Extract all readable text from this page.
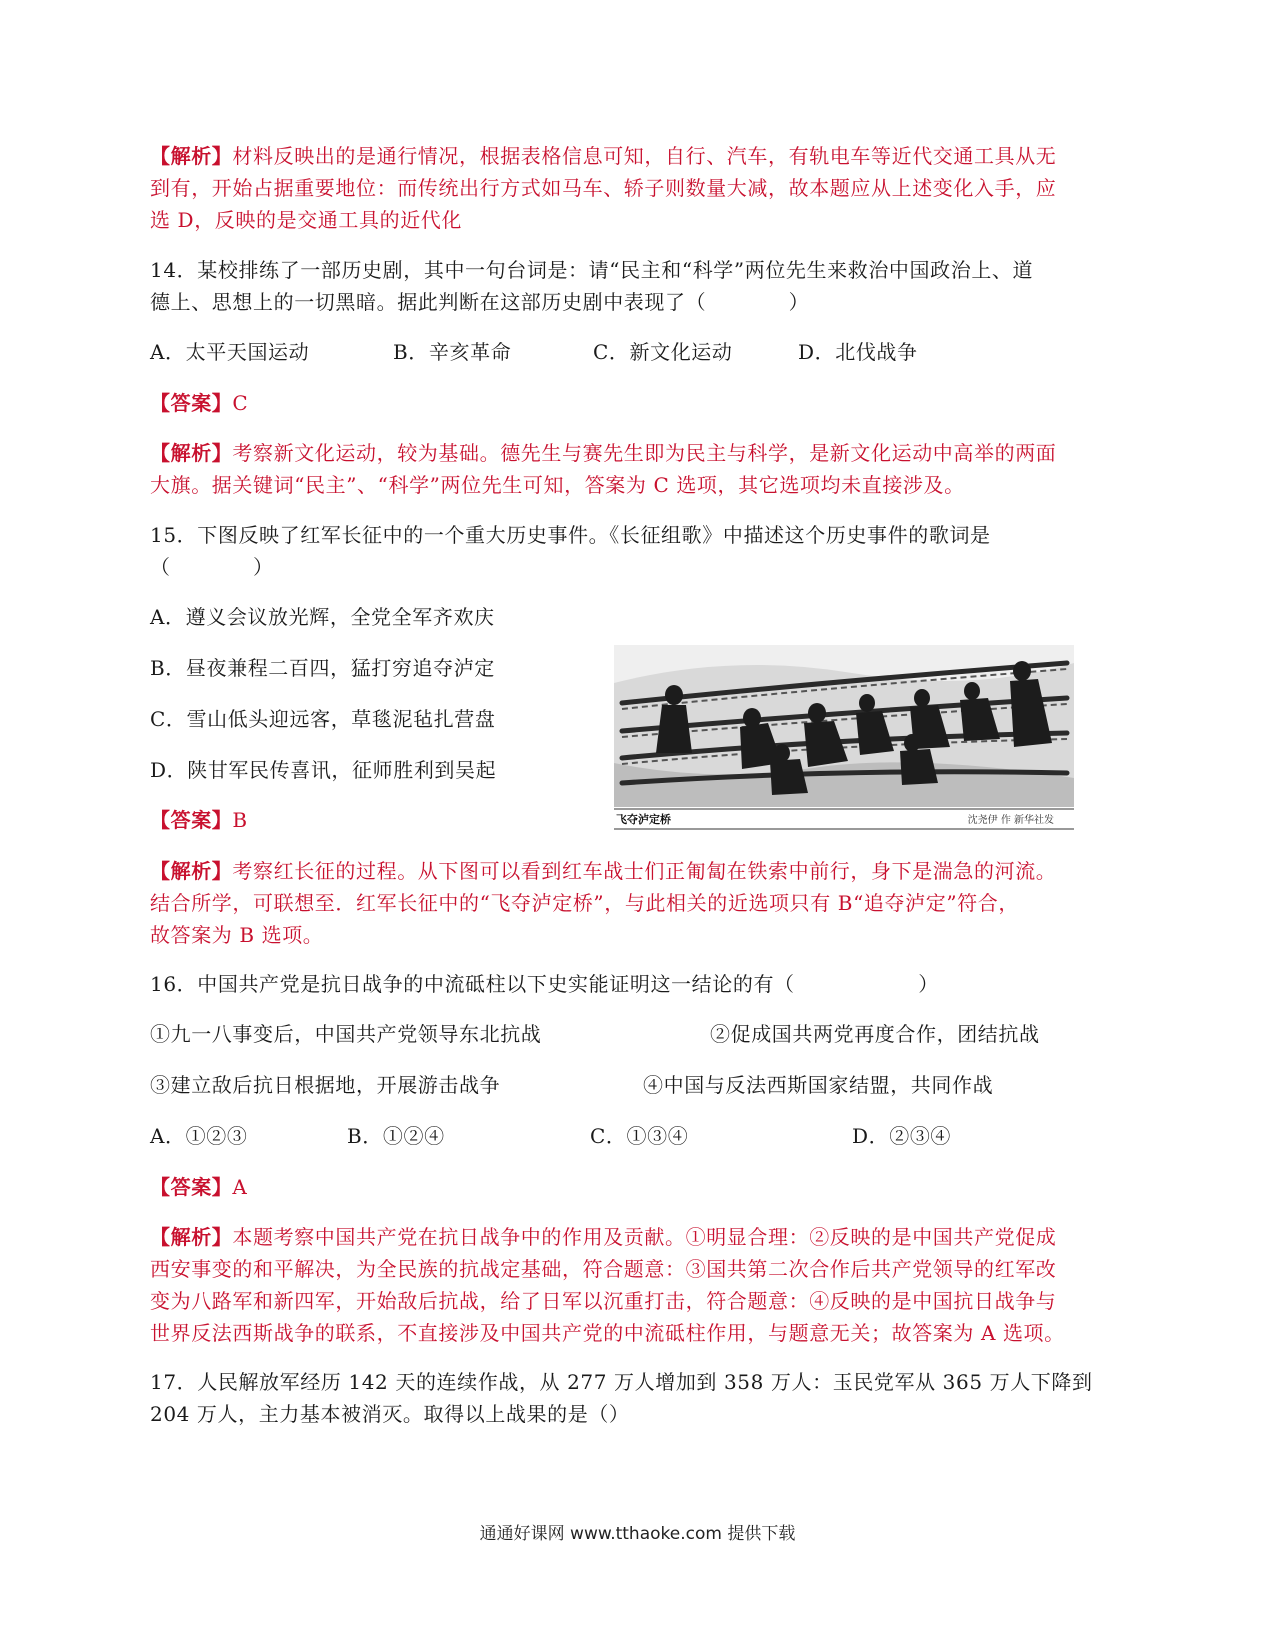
【解析】材料反映出的是通行情况，根据表格信息可知，自行、汽车，有轨电车等近代交通工具从无
到有，开始占据重要地位：而传统出行方式如马车、轿子则数量大减，故本题应从上述变化入手，应
选 D，反映的是交通工具的近代化
14．某校排练了一部历史剧，其中一句台词是：请“民主和“科学”两位先生来救治中国政治上、道
德上、思想上的一切黑暗。据此判断在这部历史剧中表现了（　　　　）
A．太平天国运动	B．辛亥革命	C．新文化运动	D．北伐战争
【答案】C
【解析】考察新文化运动，较为基础。德先生与赛先生即为民主与科学，是新文化运动中高举的两面
大旗。据关键词“民主”、“科学”两位先生可知，答案为 C 选项，其它选项均未直接涉及。
15．下图反映了红军长征中的一个重大历史事件。《长征组歌》中描述这个历史事件的歌词是
（　　　　）
A．遵义会议放光辉，全党全军齐欢庆
B．昼夜兼程二百四，猛打穷追夺泸定
C．雪山低头迎远客，草毯泥毡扎营盘
D．陕甘军民传喜讯，征师胜利到吴起
飞夺泸定桥	沈尧伊 作 新华社发
【答案】B
【解析】考察红长征的过程。从下图可以看到红车战士们正匍匐在铁索中前行，身下是湍急的河流。
结合所学，可联想至．红军长征中的“飞夺泸定桥”，与此相关的近选项只有 B“追夺泸定”符合，
故答案为 B 选项。
16．中国共产党是抗日战争的中流砥柱以下史实能证明这一结论的有（　　　　　　）
①九一八事变后，中国共产党领导东北抗战	②促成国共两党再度合作，团结抗战
③建立敌后抗日根据地，开展游击战争	④中国与反法西斯国家结盟，共同作战
A．①②③	B．①②④	C．①③④	D．②③④
【答案】A
【解析】本题考察中国共产党在抗日战争中的作用及贡献。①明显合理：②反映的是中国共产党促成
西安事变的和平解决，为全民族的抗战定基础，符合题意：③国共第二次合作后共产党领导的红军改
变为八路军和新四军，开始敌后抗战，给了日军以沉重打击，符合题意：④反映的是中国抗日战争与
世界反法西斯战争的联系，不直接涉及中国共产党的中流砥柱作用，与题意无关；故答案为 A 选项。
17．人民解放军经历 142 天的连续作战，从 277 万人增加到 358 万人：玉民党军从 365 万人下降到
204 万人，主力基本被消灭。取得以上战果的是（）
通通好课网 www.tthaoke.com 提供下载
